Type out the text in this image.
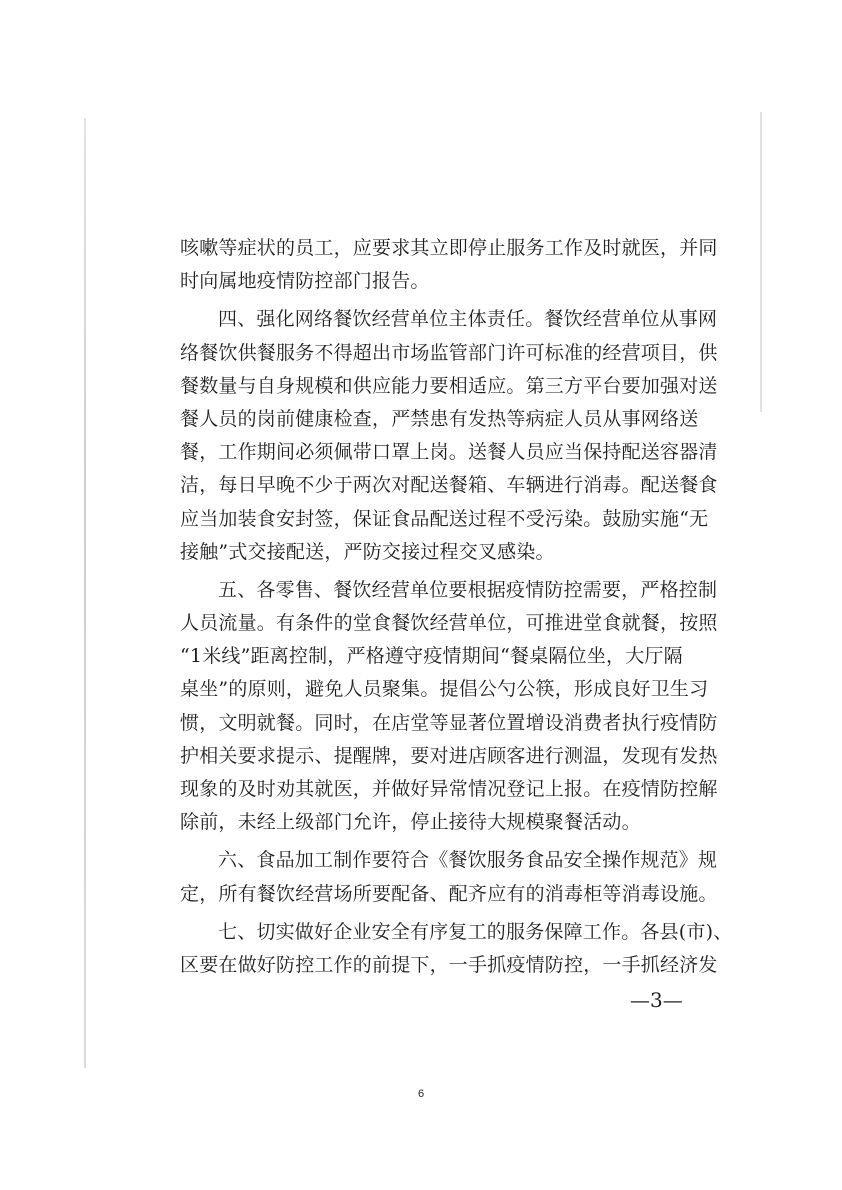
咳嗽等症状的员工，应要求其立即停止服务工作及时就医，并同
时向属地疫情防控部门报告。
四、强化网络餐饮经营单位主体责任。餐饮经营单位从事网
络餐饮供餐服务不得超出市场监管部门许可标准的经营项目，供
餐数量与自身规模和供应能力要相适应。第三方平台要加强对送
餐人员的岗前健康检查，严禁患有发热等病症人员从事网络送
餐，工作期间必须佩带口罩上岗。送餐人员应当保持配送容器清
洁，每日早晚不少于两次对配送餐箱、车辆进行消毒。配送餐食
应当加装食安封签，保证食品配送过程不受污染。鼓励实施“无
接触”式交接配送，严防交接过程交叉感染。
五、各零售、餐饮经营单位要根据疫情防控需要，严格控制
人员流量。有条件的堂食餐饮经营单位，可推进堂食就餐，按照
“1米线”距离控制，严格遵守疫情期间“餐桌隔位坐，大厅隔
桌坐”的原则，避免人员聚集。提倡公勺公筷，形成良好卫生习
惯，文明就餐。同时，在店堂等显著位置增设消费者执行疫情防
护相关要求提示、提醒牌，要对进店顾客进行测温，发现有发热
现象的及时劝其就医，并做好异常情况登记上报。在疫情防控解
除前，未经上级部门允许，停止接待大规模聚餐活动。
六、食品加工制作要符合《餐饮服务食品安全操作规范》规
定，所有餐饮经营场所要配备、配齐应有的消毒柜等消毒设施。
七、切实做好企业安全有序复工的服务保障工作。各县(市)、
区要在做好防控工作的前提下，一手抓疫情防控，一手抓经济发
—3—
6
